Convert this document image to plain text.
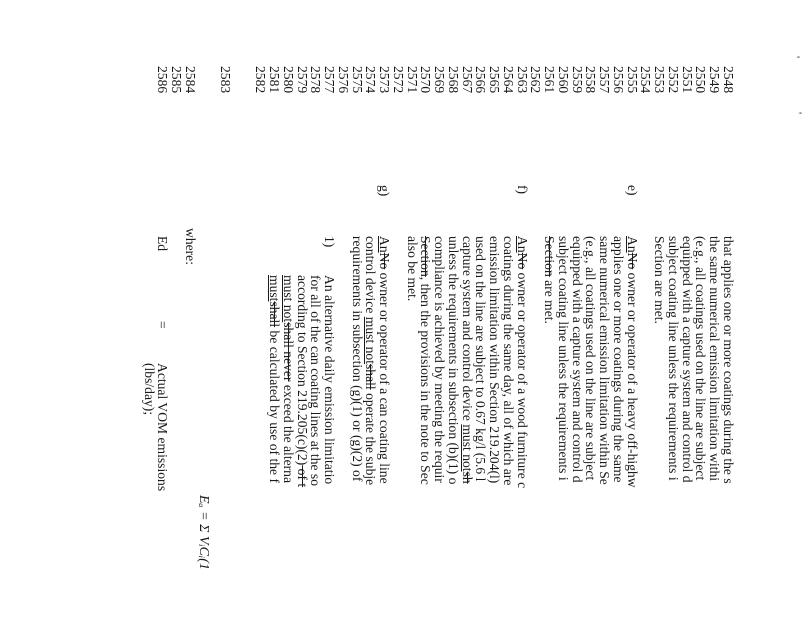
'
'
2548
2549
2550
2551
2552
2553
2554
2555
2556
2557
2558
2559
2560
2561
2562
2563
2564
2565
2566
2567
2568
2569
2570
2571
2572
2573
2574
2575
2576
2577
2578
2579
2580
2581
2582
2583
2584
2585
2586
that applies one or more coatings during the s
the same numerical emission limitation withi
(e.g., all coatings used on the line are subject
equipped with a capture system and control d
subject coating line unless the requirements i
Section are met.
e)
AnNo owner or operator of a heavy off-highw
applies one or more coatings during the same
same numerical emission limitation within Se
(e.g., all coatings used on the line are subject
equipped with a capture system and control d
subject coating line unless the requirements i
Section are met.
f)
AnNo owner or operator of a wood furniture c
coatings during the same day, all of which are
emission limitation within Section 219.204(l)
used on the line are subject to 0.67 kg/l (5.6 l
capture system and control device must notsh
unless the requirements in subsection (b)(1) o
compliance is achieved by meeting the requir
Section, then the provisions in the note to Sec
also be met.
g)
AnNo owner or operator of a can coating line
control device must notshall operate the subje
requirements in subsection (g)(1) or (g)(2) of
1)
An alternative daily emission limitatio
for all of the can coating lines at the so
according to Section 219.205(c)(2) of t
must notshall never exceed the alterna
mustshall be calculated by use of the f
Eₐ = Σ VᵢCᵢ(1
where:
Ed
=
Actual VOM emissions
(lbs/day);
